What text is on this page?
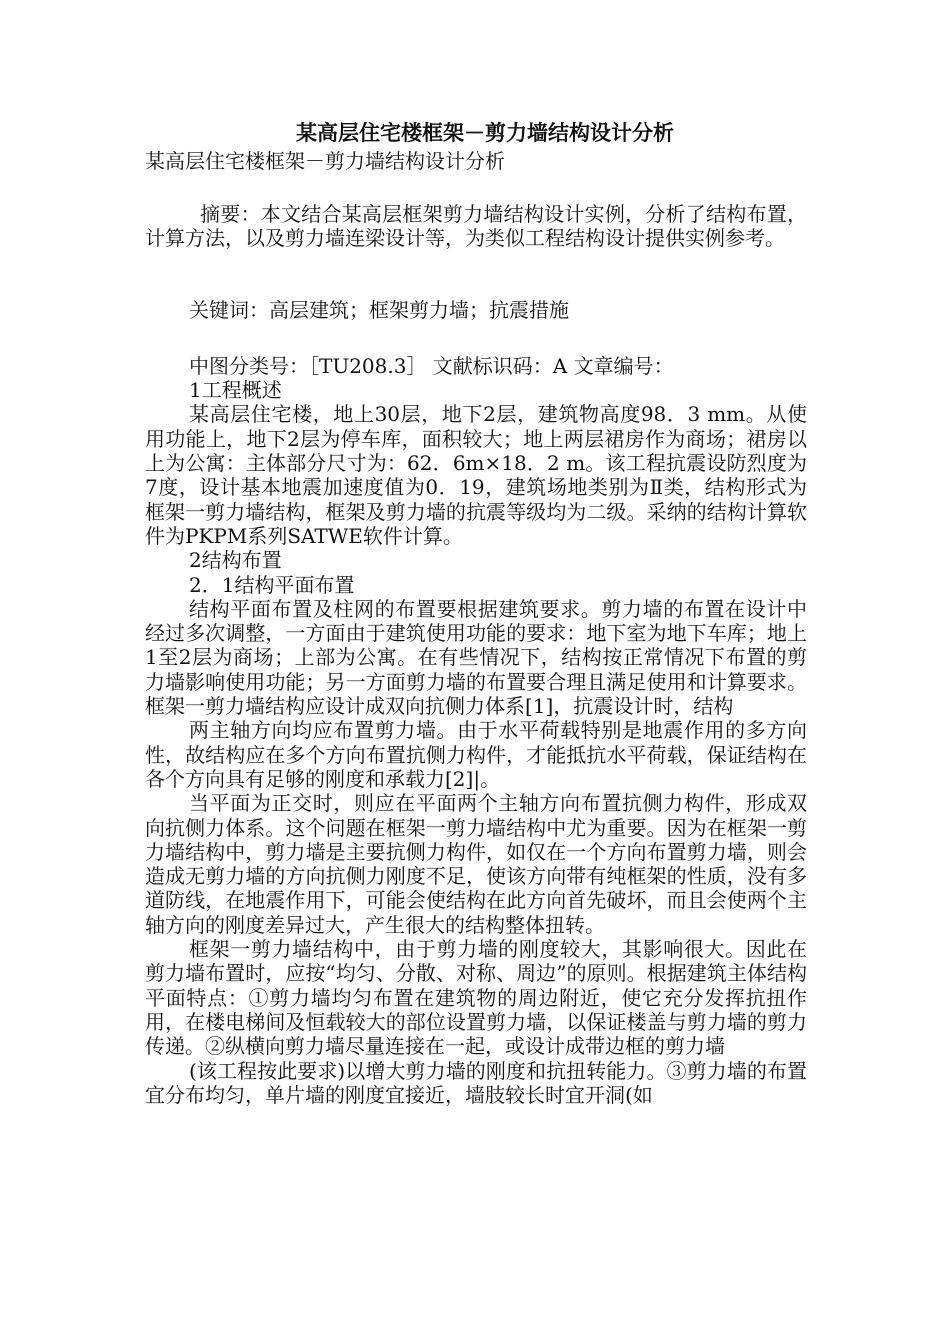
某高层住宅楼框架－剪力墙结构设计分析

某高层住宅楼框架－剪力墙结构设计分析

摘要：本文结合某高层框架剪力墙结构设计实例，分析了结构布置，计算方法，以及剪力墙连梁设计等，为类似工程结构设计提供实例参考。

关键词：高层建筑；框架剪力墙；抗震措施

中图分类号：［TU208.3］ 文献标识码：A 文章编号：

1工程概述

某高层住宅楼，地上30层，地下2层，建筑物高度98．3 mm。从使用功能上，地下2层为停车库，面积较大；地上两层裙房作为商场；裙房以上为公寓：主体部分尺寸为：62．6m×18．2 m。该工程抗震设防烈度为7度，设计基本地震加速度值为0．19，建筑场地类别为Ⅱ类，结构形式为框架一剪力墙结构，框架及剪力墙的抗震等级均为二级。采纳的结构计算软件为PKPM系列SATWE软件计算。

2结构布置

2．1结构平面布置

结构平面布置及柱网的布置要根据建筑要求。剪力墙的布置在设计中经过多次调整，一方面由于建筑使用功能的要求：地下室为地下车库；地上1至2层为商场；上部为公寓。在有些情况下，结构按正常情况下布置的剪力墙影响使用功能；另一方面剪力墙的布置要合理且满足使用和计算要求。框架一剪力墙结构应设计成双向抗侧力体系[1]，抗震设计时，结构

两主轴方向均应布置剪力墙。由于水平荷载特别是地震作用的多方向性，故结构应在多个方向布置抗侧力构件，才能抵抗水平荷载，保证结构在各个方向具有足够的刚度和承载力[2]|。

当平面为正交时，则应在平面两个主轴方向布置抗侧力构件，形成双向抗侧力体系。这个问题在框架一剪力墙结构中尤为重要。因为在框架一剪力墙结构中，剪力墙是主要抗侧力构件，如仅在一个方向布置剪力墙，则会造成无剪力墙的方向抗侧力刚度不足，使该方向带有纯框架的性质，没有多道防线，在地震作用下，可能会使结构在此方向首先破坏，而且会使两个主轴方向的刚度差异过大，产生很大的结构整体扭转。

框架一剪力墙结构中，由于剪力墙的刚度较大，其影响很大。因此在剪力墙布置时，应按“均匀、分散、对称、周边”的原则。根据建筑主体结构平面特点：①剪力墙均匀布置在建筑物的周边附近，使它充分发挥抗扭作用，在楼电梯间及恒载较大的部位设置剪力墙，以保证楼盖与剪力墙的剪力传递。②纵横向剪力墙尽量连接在一起，或设计成带边框的剪力墙

(该工程按此要求)以增大剪力墙的刚度和抗扭转能力。③剪力墙的布置宜分布均匀，单片墙的刚度宜接近，墙肢较长时宜开洞(如
